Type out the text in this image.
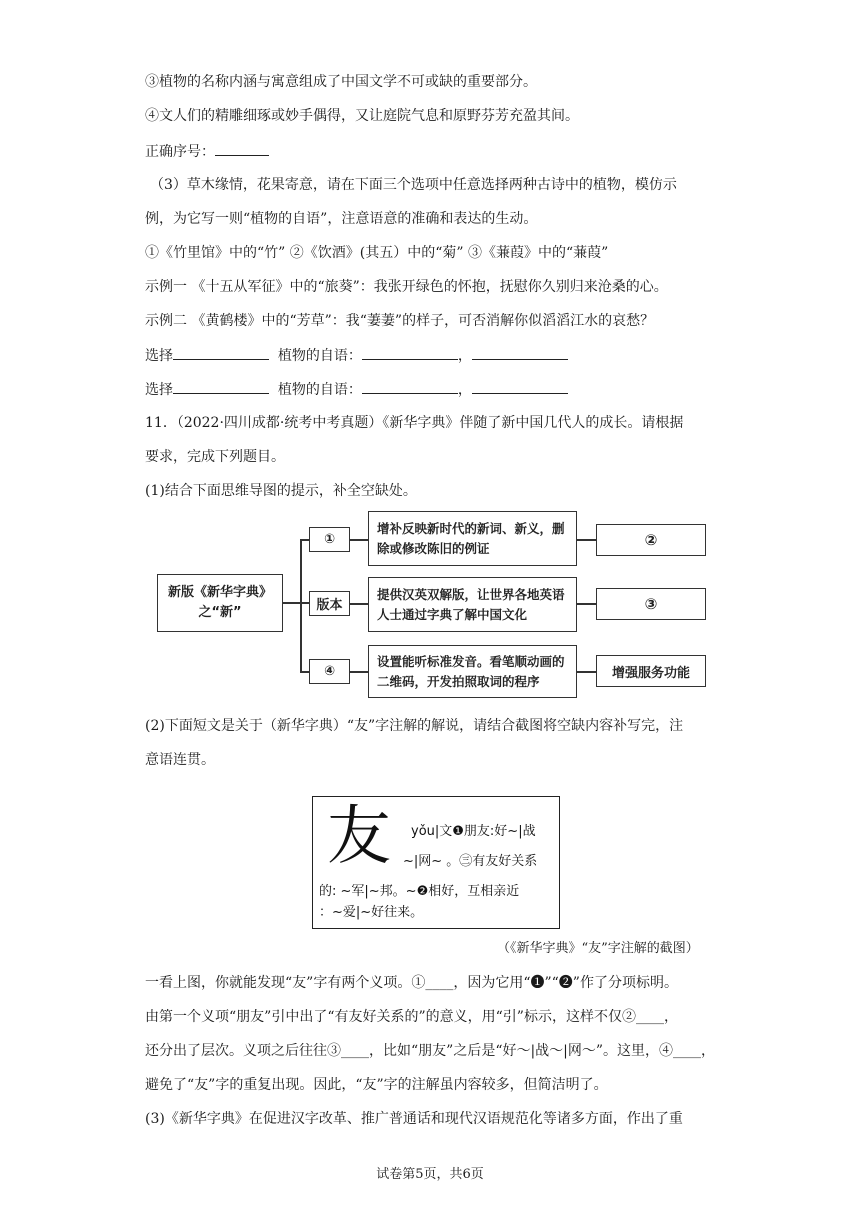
③植物的名称内涵与寓意组成了中国文学不可或缺的重要部分。
④文人们的精雕细琢或妙手偶得，又让庭院气息和原野芬芳充盈其间。
正确序号：
（3）草木缘情，花果寄意，请在下面三个选项中任意选择两种古诗中的植物，模仿示
例，为它写一则“植物的自语”，注意语意的准确和表达的生动。
①《竹里馆》中的“竹” ②《饮酒》(其五）中的“菊” ③《蒹葭》中的“蒹葭”
示例一 《十五从军征》中的“旅葵”：我张开绿色的怀抱，抚慰你久别归来沧桑的心。
示例二 《黄鹤楼》中的“芳草”：我“萋萋”的样子，可否消解你似滔滔江水的哀愁？
选择	植物的自语：	，
选择	植物的自语：	，
11．（2022·四川成都·统考中考真题）《新华字典》伴随了新中国几代人的成长。请根据
要求，完成下列题目。
(1)结合下面思维导图的提示，补全空缺处。
新版《新华字典》之“新”
①
版本
④
增补反映新时代的新词、新义，删除或修改陈旧的例证
提供汉英双解版，让世界各地英语人士通过字典了解中国文化
设置能听标准发音。看笔顺动画的二维码，开发拍照取词的程序
②
③
增强服务功能
(2)下面短文是关于（新华字典）“友”字注解的解说，请结合截图将空缺内容补写完，注
意语连贯。
友 yǒu|文❶朋友:好~|战
~|网~ 。㊂有友好关系
的: ~军|~邦。~❷相好，互相亲近
：~爱|~好往来。
（《新华字典》“友”字注解的截图）
一看上图，你就能发现“友”字有两个义项。①____，因为它用“❶”“❷”作了分项标明。
由第一个义项“朋友”引中出了“有友好关系的”的意义，用“引”标示，这样不仅②____，
还分出了层次。义项之后往往③____，比如“朋友”之后是“好～|战～|网～”。这里，④____，
避免了“友”字的重复出现。因此，“友”字的注解虽内容较多，但简洁明了。
(3)《新华字典》在促进汉字改革、推广普通话和现代汉语规范化等诸多方面，作出了重
试卷第5页，共6页
